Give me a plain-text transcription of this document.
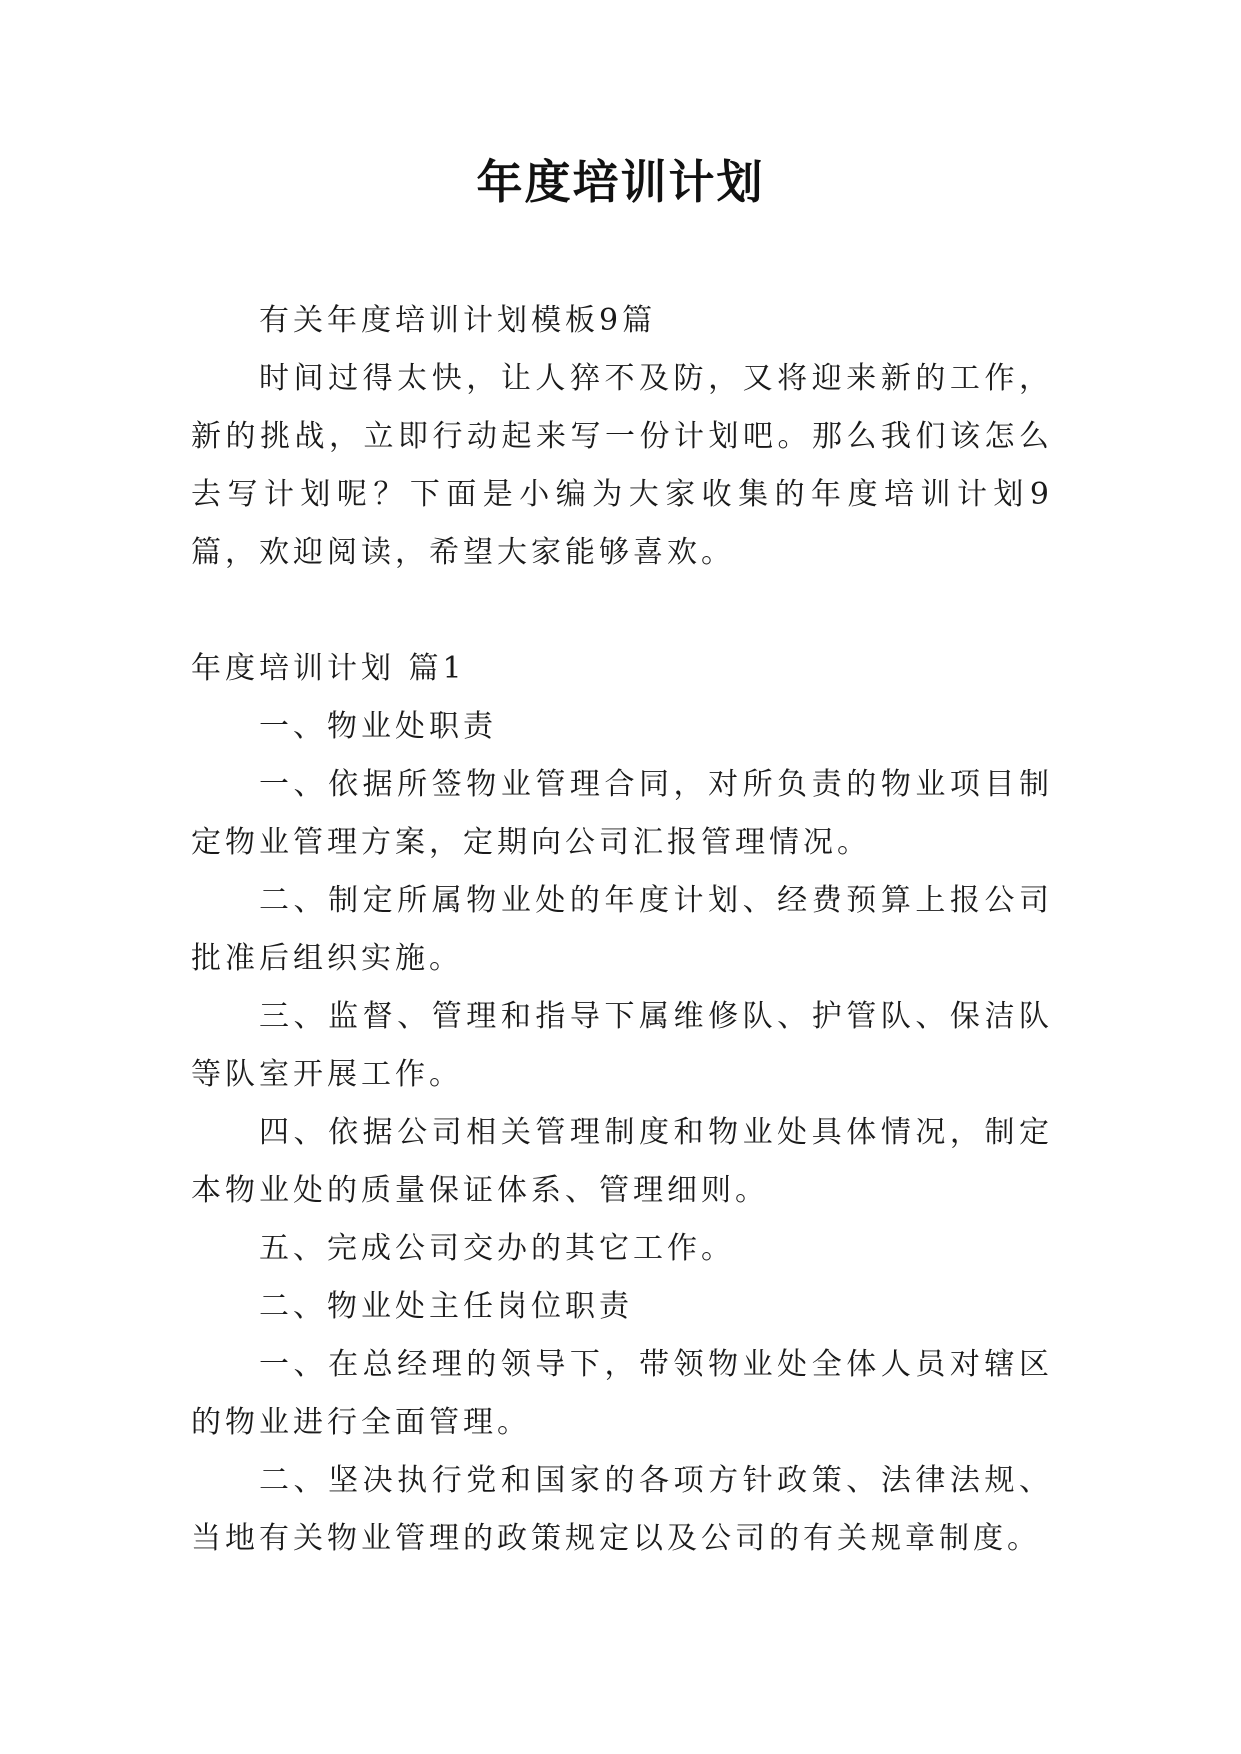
年度培训计划

有关年度培训计划模板9篇

时间过得太快，让人猝不及防，又将迎来新的工作，新的挑战，立即行动起来写一份计划吧。那么我们该怎么去写计划呢？下面是小编为大家收集的年度培训计划9篇，欢迎阅读，希望大家能够喜欢。

年度培训计划 篇1

一、物业处职责

一、依据所签物业管理合同，对所负责的物业项目制定物业管理方案，定期向公司汇报管理情况。

二、制定所属物业处的年度计划、经费预算上报公司批准后组织实施。

三、监督、管理和指导下属维修队、护管队、保洁队等队室开展工作。

四、依据公司相关管理制度和物业处具体情况，制定本物业处的质量保证体系、管理细则。

五、完成公司交办的其它工作。

二、物业处主任岗位职责

一、在总经理的领导下，带领物业处全体人员对辖区的物业进行全面管理。

二、坚决执行党和国家的各项方针政策、法律法规、当地有关物业管理的政策规定以及公司的有关规章制度。
